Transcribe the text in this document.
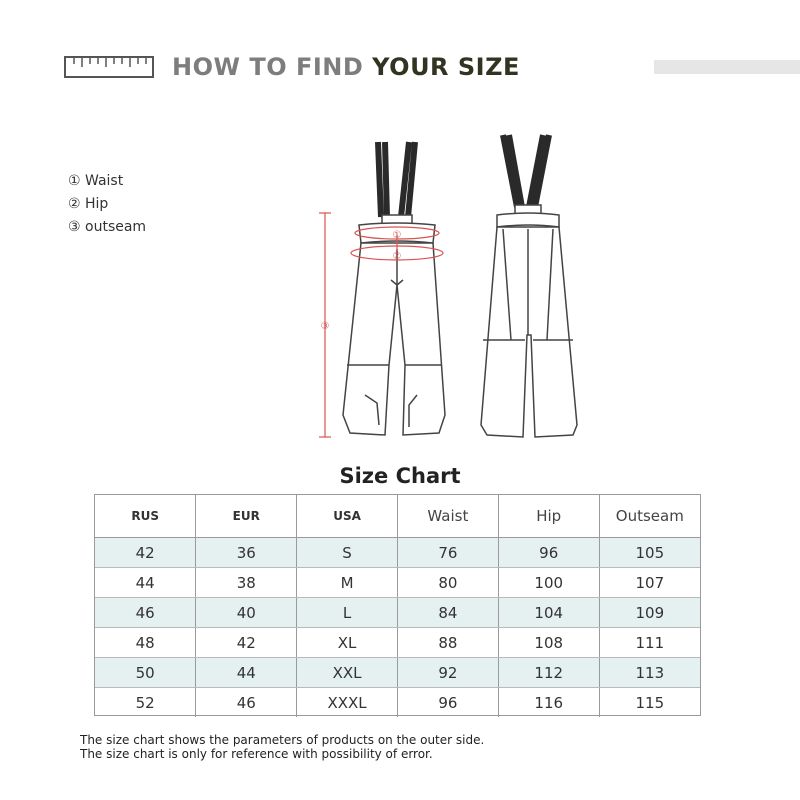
HOW TO FIND YOUR SIZE
① Waist
② Hip
③ outseam
①
②
③
Size Chart
RUS	EUR	USA	Waist	Hip	Outseam
42	36	S	76	96	105
44	38	M	80	100	107
46	40	L	84	104	109
48	42	XL	88	108	111
50	44	XXL	92	112	113
52	46	XXXL	96	116	115
The size chart shows the parameters of products on the outer side.
The size chart is only for reference with possibility of error.
